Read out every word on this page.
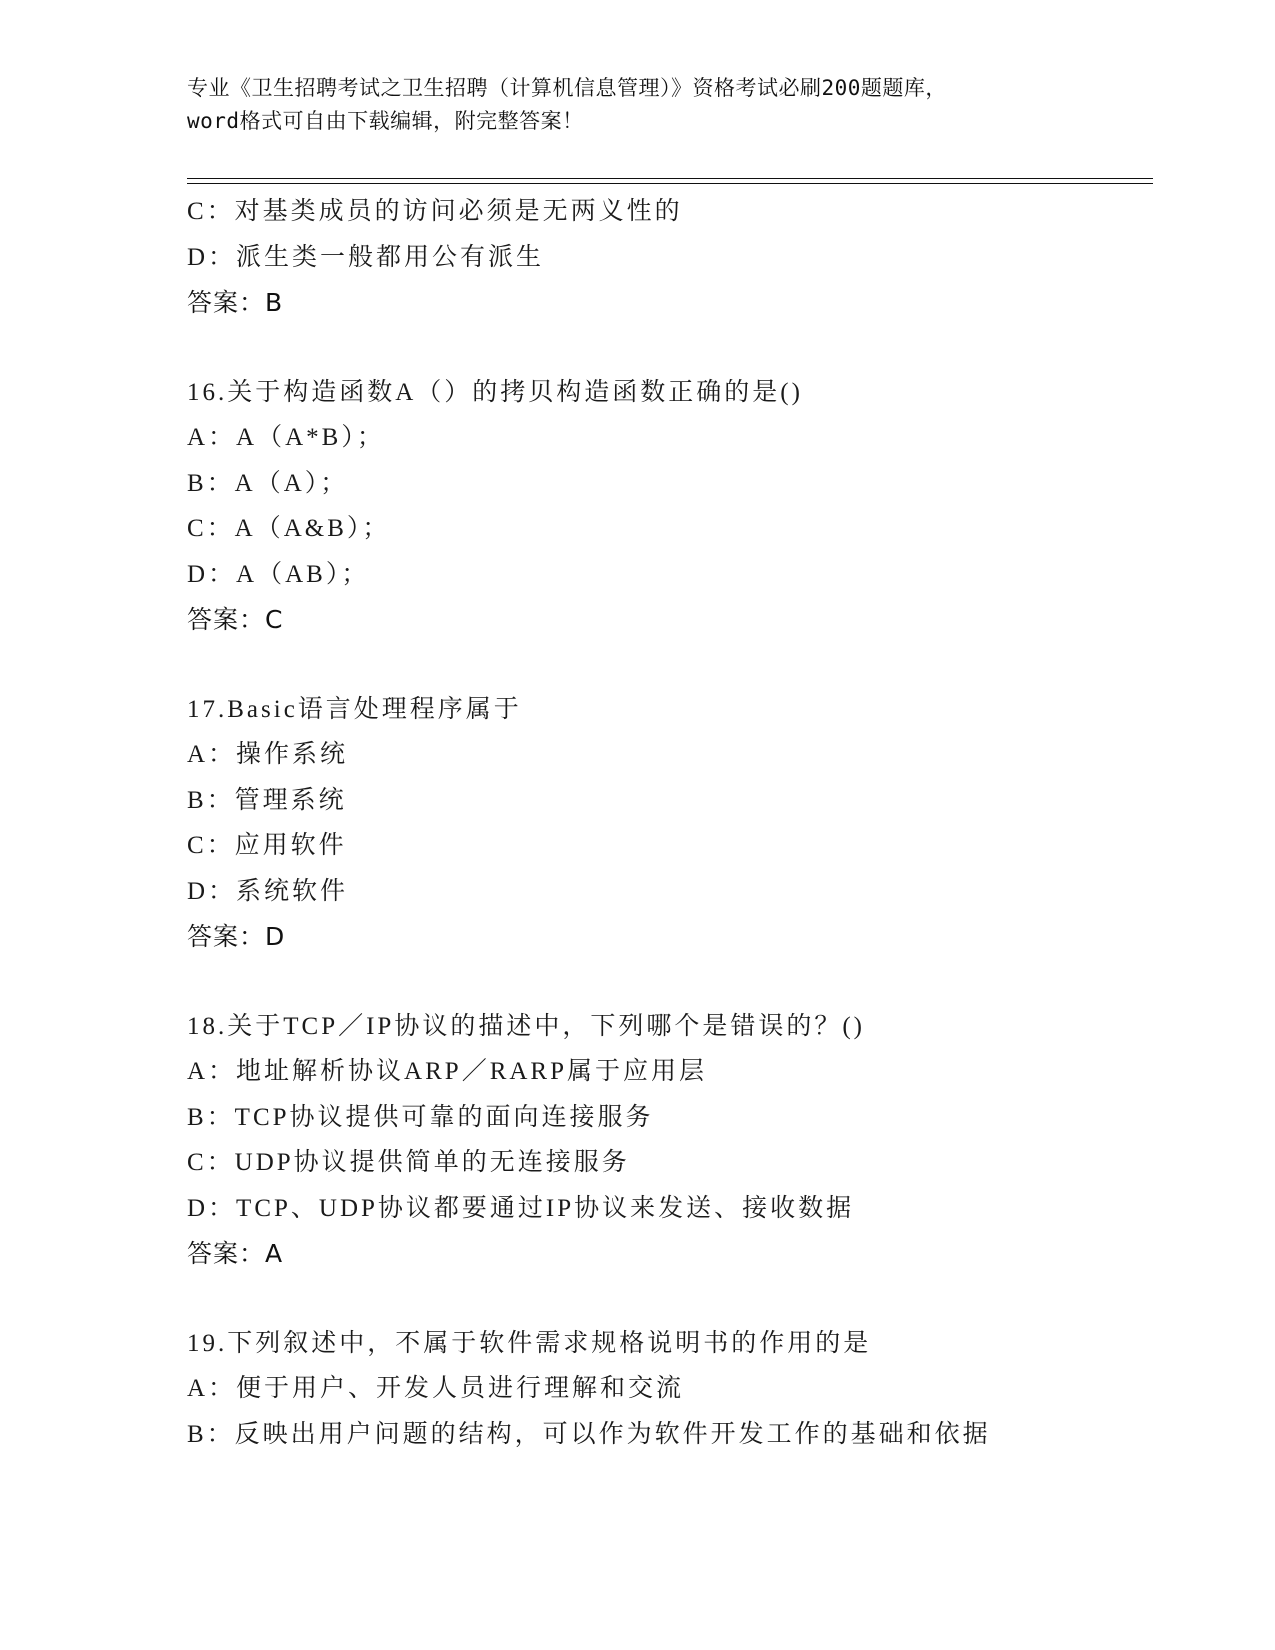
专业《卫生招聘考试之卫生招聘（计算机信息管理）》资格考试必刷200题题库，
word格式可自由下载编辑，附完整答案！
C：对基类成员的访问必须是无两义性的
D：派生类一般都用公有派生
答案：B
16.关于构造函数A（）的拷贝构造函数正确的是()
A：A（A*B）；
B：A（A）；
C：A（A&B）；
D：A（AB）；
答案：C
17.Basic语言处理程序属于
A：操作系统
B：管理系统
C：应用软件
D：系统软件
答案：D
18.关于TCP／IP协议的描述中，下列哪个是错误的？()
A：地址解析协议ARP／RARP属于应用层
B：TCP协议提供可靠的面向连接服务
C：UDP协议提供简单的无连接服务
D：TCP、UDP协议都要通过IP协议来发送、接收数据
答案：A
19.下列叙述中，不属于软件需求规格说明书的作用的是
A：便于用户、开发人员进行理解和交流
B：反映出用户问题的结构，可以作为软件开发工作的基础和依据
